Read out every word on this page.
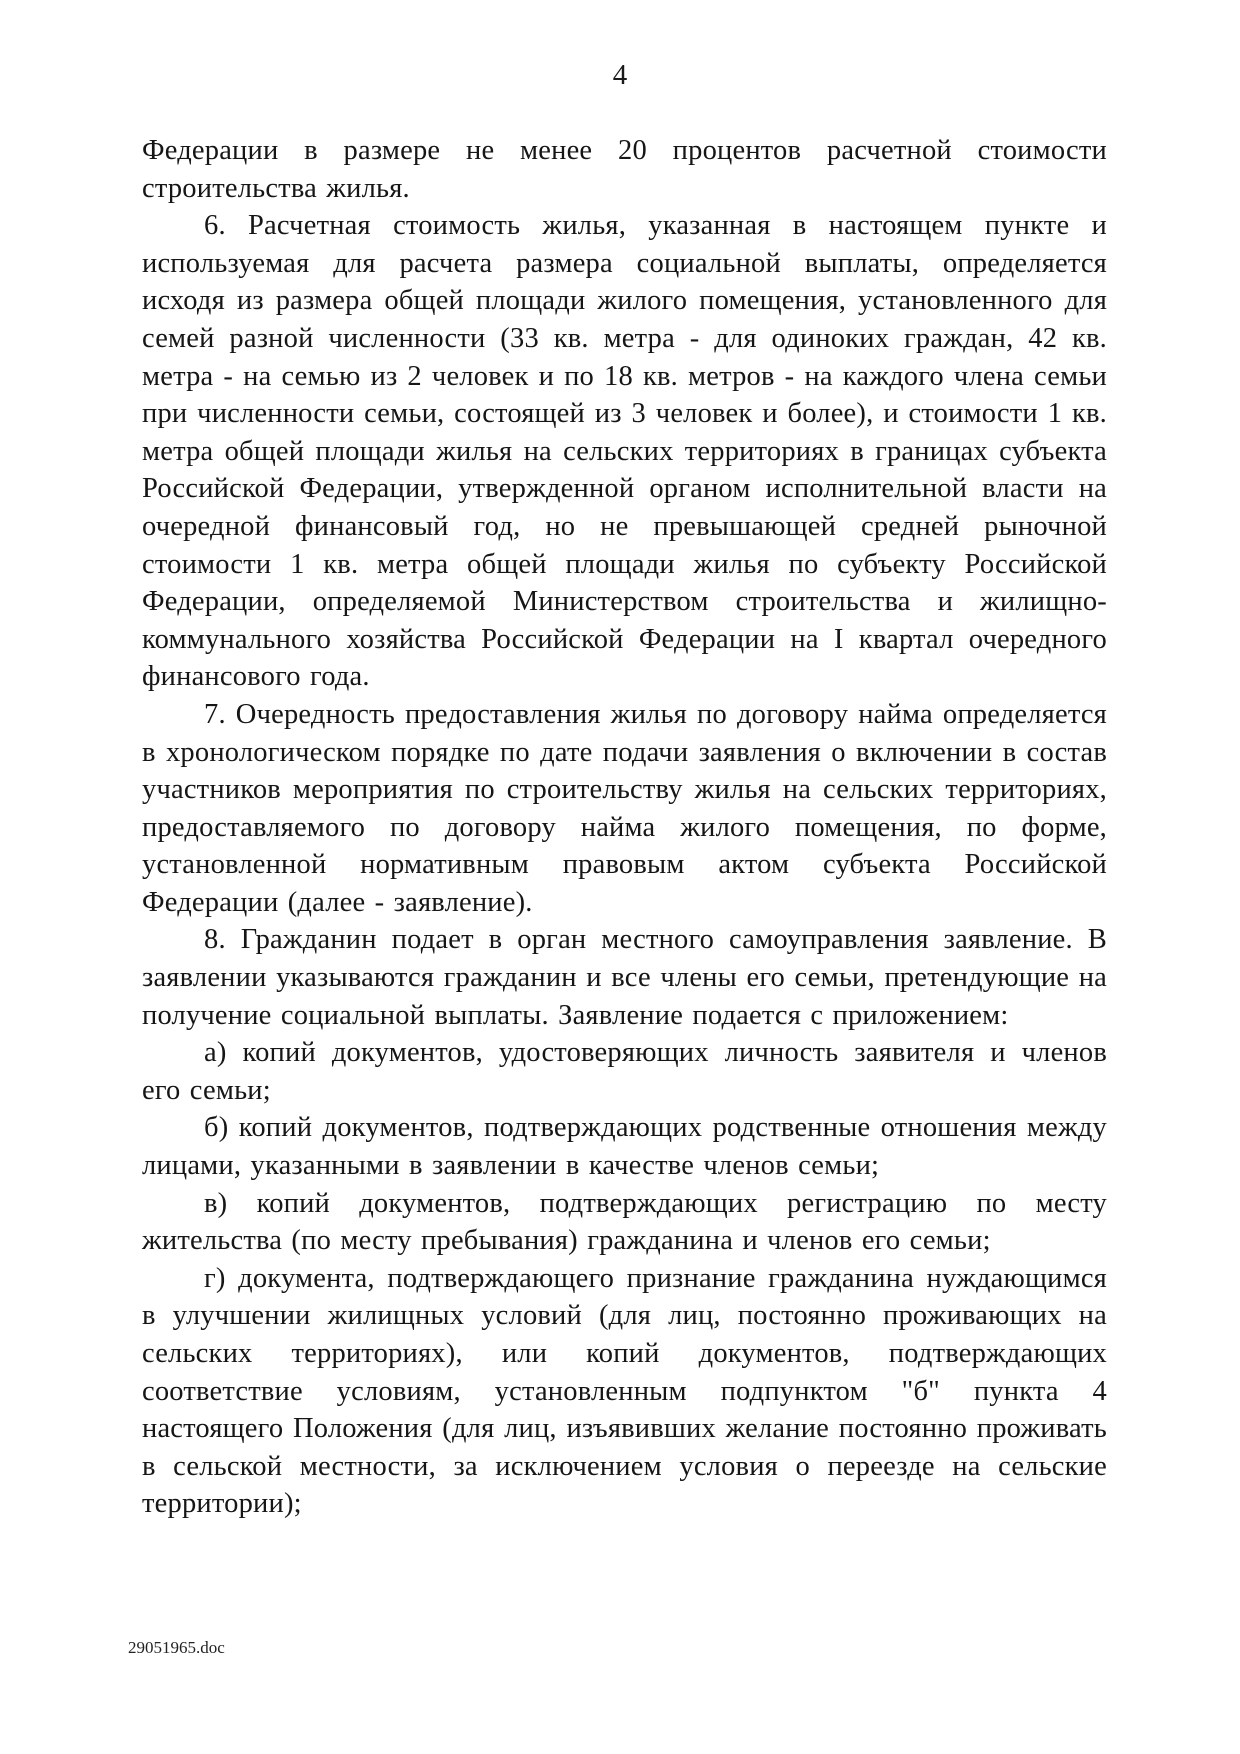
4

Федерации в размере не менее 20 процентов расчетной стоимости строительства жилья.

6. Расчетная стоимость жилья, указанная в настоящем пункте и используемая для расчета размера социальной выплаты, определяется исходя из размера общей площади жилого помещения, установленного для семей разной численности (33 кв. метра - для одиноких граждан, 42 кв. метра - на семью из 2 человек и по 18 кв. метров - на каждого члена семьи при численности семьи, состоящей из 3 человек и более), и стоимости 1 кв. метра общей площади жилья на сельских территориях в границах субъекта Российской Федерации, утвержденной органом исполнительной власти на очередной финансовый год, но не превышающей средней рыночной стоимости 1 кв. метра общей площади жилья по субъекту Российской Федерации, определяемой Министерством строительства и жилищно-коммунального хозяйства Российской Федерации на I квартал очередного финансового года.

7. Очередность предоставления жилья по договору найма определяется в хронологическом порядке по дате подачи заявления о включении в состав участников мероприятия по строительству жилья на сельских территориях, предоставляемого по договору найма жилого помещения, по форме, установленной нормативным правовым актом субъекта Российской Федерации (далее - заявление).

8. Гражданин подает в орган местного самоуправления заявление. В заявлении указываются гражданин и все члены его семьи, претендующие на получение социальной выплаты. Заявление подается с приложением:

а) копий документов, удостоверяющих личность заявителя и членов его семьи;

б) копий документов, подтверждающих родственные отношения между лицами, указанными в заявлении в качестве членов семьи;

в) копий документов, подтверждающих регистрацию по месту жительства (по месту пребывания) гражданина и членов его семьи;

г) документа, подтверждающего признание гражданина нуждающимся в улучшении жилищных условий (для лиц, постоянно проживающих на сельских территориях), или копий документов, подтверждающих соответствие условиям, установленным подпунктом "б" пункта 4 настоящего Положения (для лиц, изъявивших желание постоянно проживать в сельской местности, за исключением условия о переезде на сельские территории);

29051965.doc
